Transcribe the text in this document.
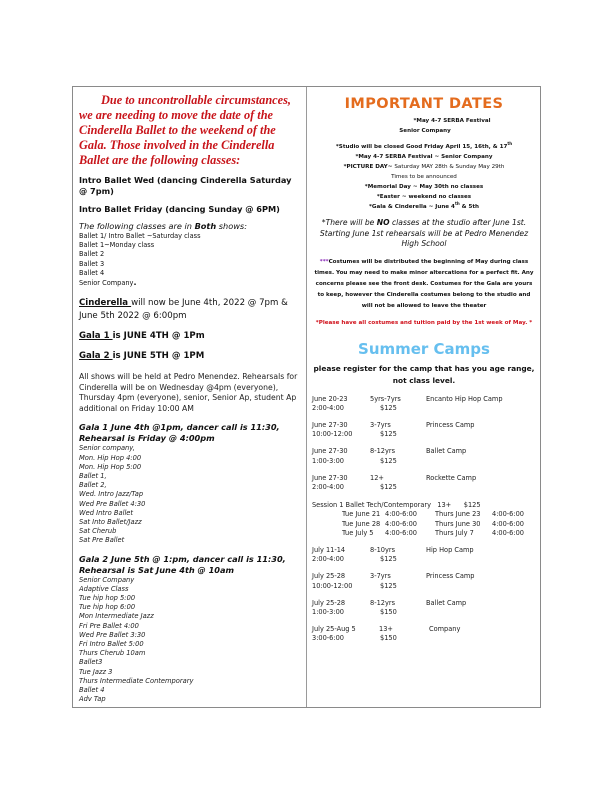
Due to uncontrollable circumstances, we are needing to move the date of the Cinderella Ballet to the weekend of the Gala. Those involved in the Cinderella Ballet are the following classes:

Intro Ballet Wed (dancing Cinderella Saturday @ 7pm)

Intro Ballet Friday (dancing Sunday @ 6PM)

The following classes are in Both shows:

Ballet 1/ Intro Ballet ~Saturday class
Ballet 1~Monday class
Ballet 2
Ballet 3
Ballet 4
Senior Company.

Cinderella will now be June 4th, 2022 @ 7pm & June 5th 2022 @ 6:00pm

Gala 1 is JUNE 4TH @ 1Pm

Gala 2 is JUNE 5TH @ 1PM

All shows will be held at Pedro Menendez. Rehearsals for Cinderella will be on Wednesday @4pm (everyone), Thursday 4pm (everyone), senior, Senior Ap, student Ap additional on Friday 10:00 AM

Gala 1 June 4th @1pm, dancer call is 11:30, Rehearsal is Friday @ 4:00pm

Senior company,
Mon. Hip Hop 4:00
Mon. Hip Hop 5:00
Ballet 1,
Ballet 2,
Wed. Intro Jazz/Tap
Wed Pre Ballet 4:30
Wed Intro Ballet
Sat Into Ballet/Jazz
Sat Cherub
Sat Pre Ballet

Gala 2 June 5th @ 1:pm, dancer call is 11:30, Rehearsal is Sat June 4th @ 10am

Senior Company
Adaptive Class
Tue hip hop 5:00
Tue hip hop 6:00
Mon Intermediate Jazz
Fri Pre Ballet 4:00
Wed Pre Ballet 3:30
Fri Intro Ballet 5:00
Thurs Cherub 10am
Ballet3
Tue Jazz 3
Thurs Intermediate Contemporary
Ballet 4
Adv Tap
IMPORTANT DATES
*May 4-7 SERBA Festival
Senior Company
*Studio will be closed Good Friday April 15, 16th, & 17th
*May 4-7 SERBA Festival ~ Senior Company
*PICTURE DAY~ Saturday MAY 28th & Sunday May 29th
Times to be announced
*Memorial Day ~ May 30th no classes
*Easter ~ weekend no classes
*Gala & Cinderella ~ June 4th & 5th

*There will be NO classes at the studio after June 1st. Starting June 1st rehearsals will be at Pedro Menendez High School

***Costumes will be distributed the beginning of May during class times. You may need to make minor altercations for a perfect fit. Any concerns please see the front desk. Costumes for the Gala are yours to keep, however the Cinderella costumes belong to the studio and will not be allowed to leave the theater

*Please have all costumes and tuition paid by the 1st week of May. *

Summer Camps

please register for the camp that has you age range, not class level.

June 20-23	5yrs-7yrs	Encanto Hip Hop Camp
2:00-4:00	$125
June 27-30	3-7yrs	Princess Camp
10:00-12:00	$125
June 27-30	8-12yrs	Ballet Camp
1:00-3:00	$125
June 27-30	12+	Rockette Camp
2:00-4:00	$125
Session 1 Ballet Tech/Contemporary   13+      $125
Tue June 21 4:00-6:00	Thurs June 23	4:00-6:00
Tue June 28 4:00-6:00	Thurs June 30	4:00-6:00
Tue July 5	4:00-6:00	Thurs July 7	4:00-6:00
July 11-14	8-10yrs	Hip Hop Camp
2:00-4:00	$125
July 25-28	3-7yrs	Princess Camp
10:00-12:00	$125
July 25-28	8-12yrs	Ballet Camp
1:00-3:00	$150
July 25-Aug 5	13+	Company
3:00-6:00	$150
